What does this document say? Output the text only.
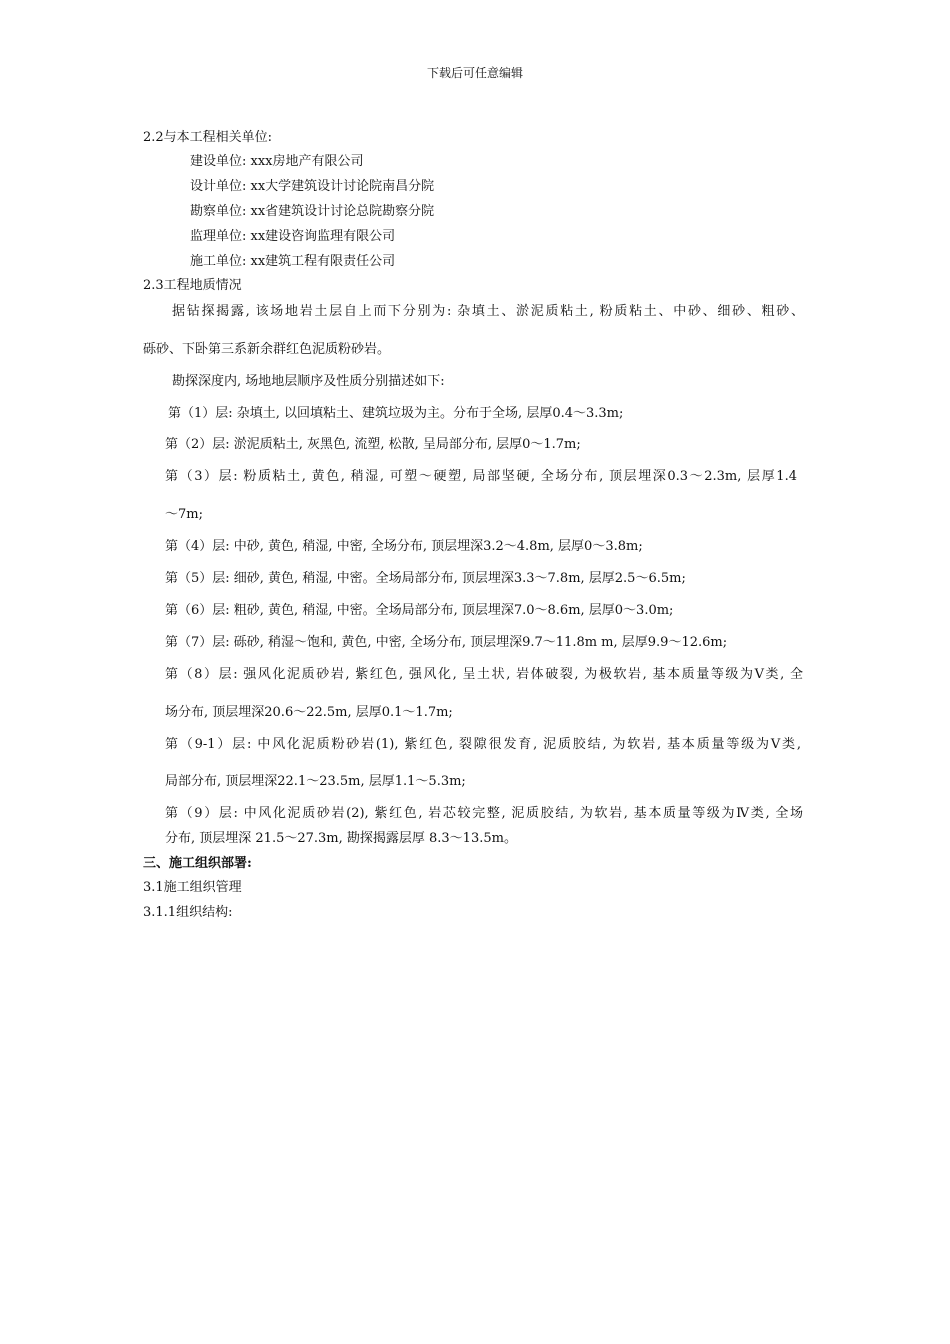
下载后可任意编辑
2.2与本工程相关单位:
建设单位: xxx房地产有限公司
设计单位: xx大学建筑设计讨论院南昌分院
勘察单位: xx省建筑设计讨论总院勘察分院
监理单位: xx建设咨询监理有限公司
施工单位: xx建筑工程有限责任公司
2.3工程地质情况
据钻探揭露, 该场地岩土层自上而下分别为: 杂填土、淤泥质粘土, 粉质粘土、中砂、细砂、粗砂、
砾砂、下卧第三系新余群红色泥质粉砂岩。
勘探深度内, 场地地层顺序及性质分别描述如下:
第（1）层: 杂填土, 以回填粘土、建筑垃圾为主。分布于全场, 层厚0.4～3.3m;
第（2）层: 淤泥质粘土, 灰黑色, 流塑, 松散, 呈局部分布, 层厚0～1.7m;
第（3）层: 粉质粘土, 黄色, 稍湿, 可塑～硬塑, 局部坚硬, 全场分布, 顶层埋深0.3～2.3m, 层厚1.4
～7m;
第（4）层: 中砂, 黄色, 稍湿, 中密, 全场分布, 顶层埋深3.2～4.8m, 层厚0～3.8m;
第（5）层: 细砂, 黄色, 稍湿, 中密。全场局部分布, 顶层埋深3.3～7.8m, 层厚2.5～6.5m;
第（6）层: 粗砂, 黄色, 稍湿, 中密。全场局部分布, 顶层埋深7.0～8.6m, 层厚0～3.0m;
第（7）层: 砾砂, 稍湿～饱和, 黄色, 中密, 全场分布, 顶层埋深9.7～11.8m m, 层厚9.9～12.6m;
第（8）层: 强风化泥质砂岩, 紫红色, 强风化, 呈土状, 岩体破裂, 为极软岩, 基本质量等级为Ⅴ类, 全
场分布, 顶层埋深20.6～22.5m, 层厚0.1～1.7m;
第（9-1）层: 中风化泥质粉砂岩(1), 紫红色, 裂隙很发育, 泥质胶结, 为软岩, 基本质量等级为Ⅴ类,
局部分布, 顶层埋深22.1～23.5m, 层厚1.1～5.3m;
第（9）层: 中风化泥质砂岩(2), 紫红色, 岩芯较完整, 泥质胶结, 为软岩, 基本质量等级为Ⅳ类, 全场
分布, 顶层埋深 21.5～27.3m, 勘探揭露层厚 8.3～13.5m。
三、施工组织部署:
3.1施工组织管理
3.1.1组织结构:
